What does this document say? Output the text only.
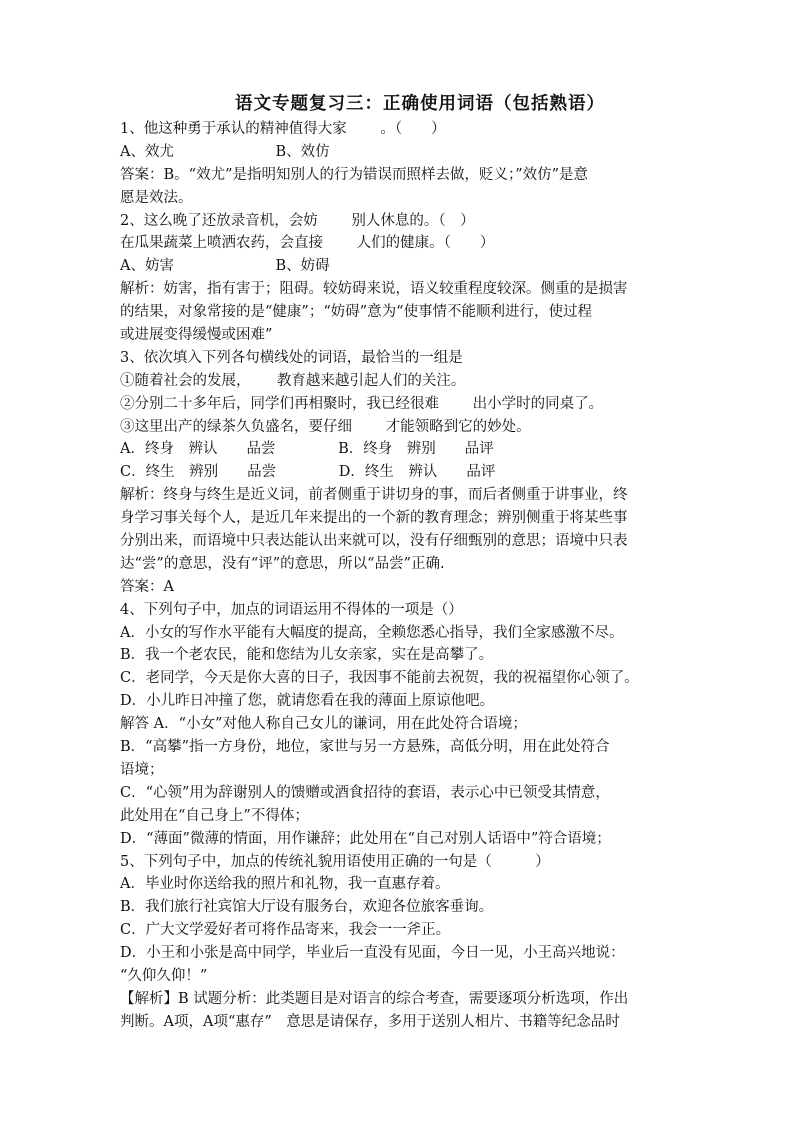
语文专题复习三：正确使用词语（包括熟语）
1、他这种勇于承认的精神值得大家　　 。（　　）
A、效尤　　　　　　　B、效仿
答案：B。“效尤”是指明知别人的行为错误而照样去做，贬义；”效仿”是意
愿是效法。
2、这么晚了还放录音机，会妨　　 别人休息的。（　）
在瓜果蔬菜上喷洒农药，会直接　　 人们的健康。（　　）
A、妨害　　　　　　　B、妨碍
解析：妨害，指有害于；阻碍。较妨碍来说，语义较重程度较深。侧重的是损害
的结果，对象常接的是“健康”；“妨碍”意为“使事情不能顺利进行，使过程
或进展变得缓慢或困难”
3、依次填入下列各句横线处的词语，最恰当的一组是
①随着社会的发展，　　 教育越来越引起人们的关注。
②分别二十多年后，同学们再相聚时，我已经很难　　 出小学时的同桌了。
③这里出产的绿茶久负盛名，要仔细　　 才能领略到它的妙处。
A．终身　辨认　　品尝　　　　 B．终身　辨别　　品评
C．终生　辨别　　品尝　　　　 D．终生　辨认　　品评
解析：终身与终生是近义词，前者侧重于讲切身的事，而后者侧重于讲事业，终
身学习事关每个人，是近几年来提出的一个新的教育理念；辨别侧重于将某些事
分别出来，而语境中只表达能认出来就可以，没有仔细甄别的意思；语境中只表
达“尝”的意思，没有“评”的意思，所以“品尝”正确.
答案：A
4、下列句子中，加点的词语运用不得体的一项是（）
A．小女的写作水平能有大幅度的提高，全赖您悉心指导，我们全家感激不尽。
B．我一个老农民，能和您结为儿女亲家，实在是高攀了。
C．老同学，今天是你大喜的日子，我因事不能前去祝贺，我的祝福望你心领了。
D．小儿昨日冲撞了您，就请您看在我的薄面上原谅他吧。
解答 A．“小女”对他人称自己女儿的谦词，用在此处符合语境；
B．“高攀”指一方身份，地位，家世与另一方悬殊，高低分明，用在此处符合
语境；
C．“心领”用为辞谢别人的馈赠或酒食招待的套语，表示心中已领受其情意，
此处用在“自己身上”不得体；
D．“薄面”微薄的情面，用作谦辞；此处用在“自己对别人话语中”符合语境；
5、下列句子中，加点的传统礼貌用语使用正确的一句是（　　　）
A．毕业时你送给我的照片和礼物，我一直惠存着。
B．我们旅行社宾馆大厅设有服务台，欢迎各位旅客垂询。
C．广大文学爱好者可将作品寄来，我会一一斧正。
D．小王和小张是高中同学，毕业后一直没有见面，今日一见，小王高兴地说：
“久仰久仰！”
【解析】B 试题分析：此类题目是对语言的综合考查，需要逐项分析选项，作出
判断。A项，A项“惠存”　意思是请保存，多用于送别人相片、书籍等纪念品时
